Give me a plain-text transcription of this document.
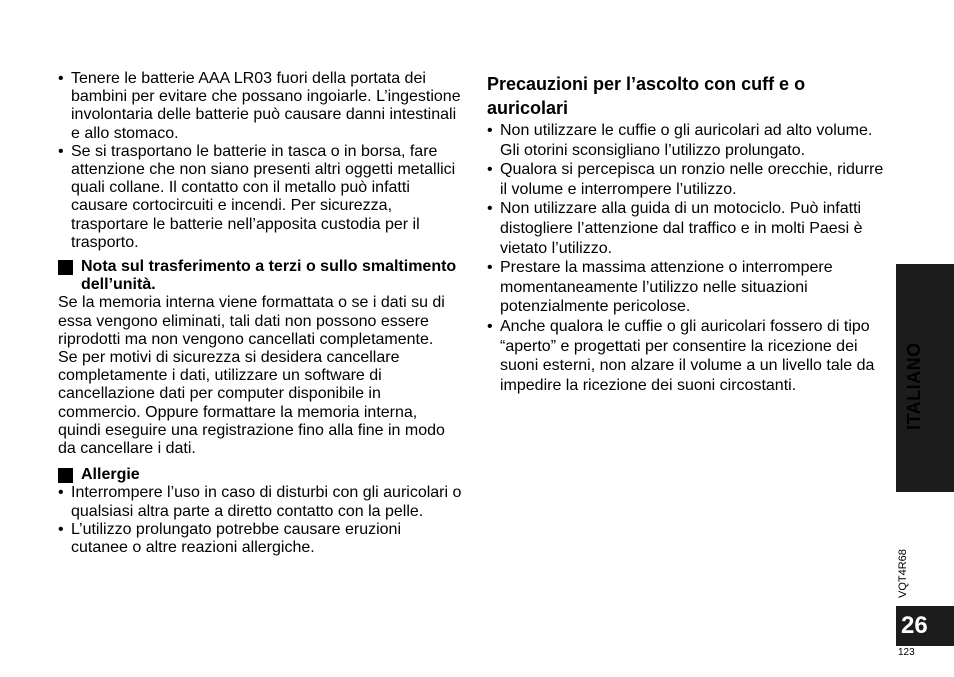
• Tenere le batterie AAA LR03 fuori della portata dei bambini per evitare che possano ingoiarle. L’ingestione involontaria delle batterie può causare danni intestinali e allo stomaco.
• Se si trasportano le batterie in tasca o in borsa, fare attenzione che non siano presenti altri oggetti metallici quali collane. Il contatto con il metallo può infatti causare cortocircuiti e incendi. Per sicurezza, trasportare le batterie nell’apposita custodia per il trasporto.
Nota sul trasferimento a terzi o sullo smaltimento dell’unità.

Se la memoria interna viene formattata o se i dati su di essa vengono eliminati, tali dati non possono essere riprodotti ma non vengono cancellati completamente.

Se per motivi di sicurezza si desidera cancellare completamente i dati, utilizzare un software di cancellazione dati per computer disponibile in commercio. Oppure formattare la memoria interna, quindi eseguire una registrazione fino alla fine in modo da cancellare i dati.

Allergie
• Interrompere l’uso in caso di disturbi con gli auricolari o qualsiasi altra parte a diretto contatto con la pelle.
• L’utilizzo prolungato potrebbe causare eruzioni cutanee o altre reazioni allergiche.
Precauzioni per l’ascolto con cuff e o auricolari
• Non utilizzare le cuffie o gli auricolari ad alto volume. Gli otorini sconsigliano l’utilizzo prolungato.
• Qualora si percepisca un ronzio nelle orecchie, ridurre il volume e interrompere l’utilizzo.
• Non utilizzare alla guida di un motociclo. Può infatti distogliere l’attenzione dal traffico e in molti Paesi è vietato l’utilizzo.
• Prestare la massima attenzione o interrompere momentaneamente l’utilizzo nelle situazioni potenzialmente pericolose.
• Anche qualora le cuffie o gli auricolari fossero di tipo “aperto” e progettati per consentire la ricezione dei suoni esterni, non alzare il volume a un livello tale da impedire la ricezione dei suoni circostanti.	ITALIANO
VQT4R68
26
123
